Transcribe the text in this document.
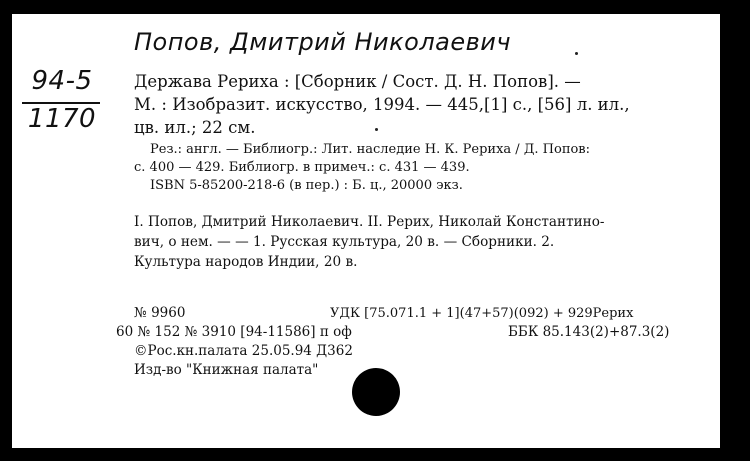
Попов, Дмитрий Николаевич
94-5
1170
Держава Рериха : [Сборник / Сост. Д. Н. Попов]. —
М. : Изобразит. искусство, 1994. — 445,[1] с., [56] л. ил.,
цв. ил.; 22 см.
Рез.: англ. — Библиогр.: Лит. наследие Н. К. Рериха / Д. Попов:
с. 400 — 429. Библиогр. в примеч.: с. 431 — 439.
ISBN 5-85200-218-6 (в пер.) : Б. ц., 20000 экз.
I. Попов, Дмитрий Николаевич. II. Рерих, Николай Константино-
вич, о нем. — — 1. Русская культура, 20 в. — Сборники. 2.
Культура народов Индии, 20 в.
№ 9960	УДК [75.071.1 + 1](47+57)(092) + 929Рерих
60 № 152 № 3910 [94-11586] п оф	ББК 85.143(2)+87.3(2)
©Рос.кн.палата 25.05.94 Д362
Изд-во "Книжная палата"
